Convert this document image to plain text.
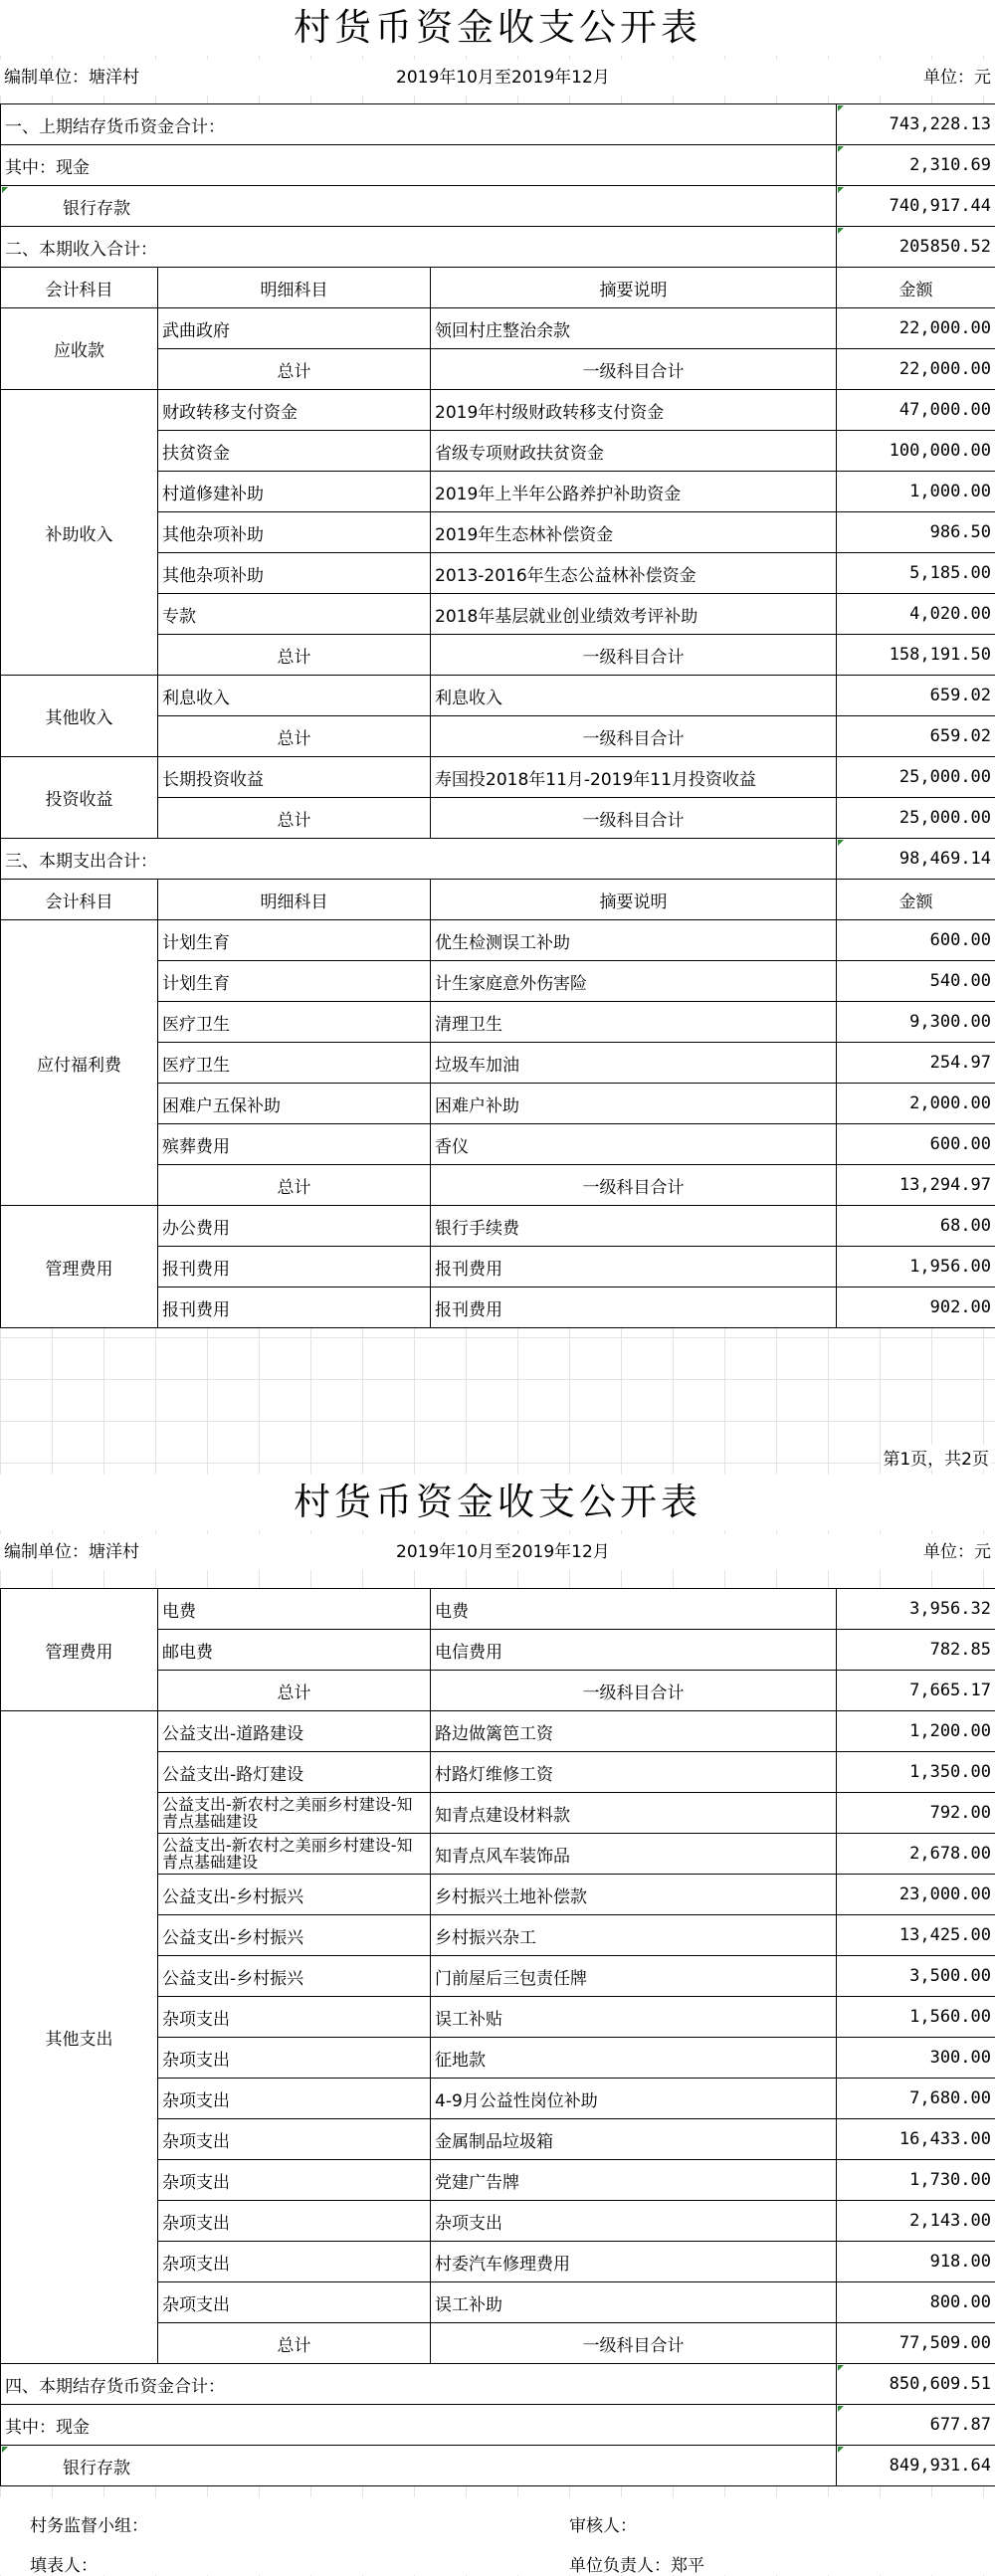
村货币资金收支公开表
编制单位：塘洋村	2019年10月至2019年12月	单位：元
一、上期结存货币资金合计：			743,228.13
其中：现金			2,310.69
银行存款			740,917.44
二、本期收入合计：			205850.52
会计科目	明细科目	摘要说明	金额
应收款	武曲政府	领回村庄整治余款	22,000.00
	总计	一级科目合计	22,000.00
补助收入	财政转移支付资金	2019年村级财政转移支付资金	47,000.00
	扶贫资金	省级专项财政扶贫资金	100,000.00
	村道修建补助	2019年上半年公路养护补助资金	1,000.00
	其他杂项补助	2019年生态林补偿资金	986.50
	其他杂项补助	2013-2016年生态公益林补偿资金	5,185.00
	专款	2018年基层就业创业绩效考评补助	4,020.00
	总计	一级科目合计	158,191.50
其他收入	利息收入	利息收入	659.02
	总计	一级科目合计	659.02
投资收益	长期投资收益	寿国投2018年11月-2019年11月投资收益	25,000.00
	总计	一级科目合计	25,000.00
三、本期支出合计：			98,469.14
会计科目	明细科目	摘要说明	金额
应付福利费	计划生育	优生检测误工补助	600.00
	计划生育	计生家庭意外伤害险	540.00
	医疗卫生	清理卫生	9,300.00
	医疗卫生	垃圾车加油	254.97
	困难户五保补助	困难户补助	2,000.00
	殡葬费用	香仪	600.00
	总计	一级科目合计	13,294.97
管理费用	办公费用	银行手续费	68.00
	报刊费用	报刊费用	1,956.00
	报刊费用	报刊费用	902.00
第1页，共2页
村货币资金收支公开表
编制单位：塘洋村	2019年10月至2019年12月	单位：元
管理费用	电费	电费	3,956.32
	邮电费	电信费用	782.85
	总计	一级科目合计	7,665.17
其他支出	公益支出-道路建设	路边做篱笆工资	1,200.00
	公益支出-路灯建设	村路灯维修工资	1,350.00
	公益支出-新农村之美丽乡村建设-知青点基础建设	知青点建设材料款	792.00
	公益支出-新农村之美丽乡村建设-知青点基础建设	知青点风车装饰品	2,678.00
	公益支出-乡村振兴	乡村振兴土地补偿款	23,000.00
	公益支出-乡村振兴	乡村振兴杂工	13,425.00
	公益支出-乡村振兴	门前屋后三包责任牌	3,500.00
	杂项支出	误工补贴	1,560.00
	杂项支出	征地款	300.00
	杂项支出	4-9月公益性岗位补助	7,680.00
	杂项支出	金属制品垃圾箱	16,433.00
	杂项支出	党建广告牌	1,730.00
	杂项支出	杂项支出	2,143.00
	杂项支出	村委汽车修理费用	918.00
	杂项支出	误工补助	800.00
	总计	一级科目合计	77,509.00
四、本期结存货币资金合计：			850,609.51
其中：现金			677.87
银行存款			849,931.64
村务监督小组：	审核人：
填表人：	单位负责人：郑平
